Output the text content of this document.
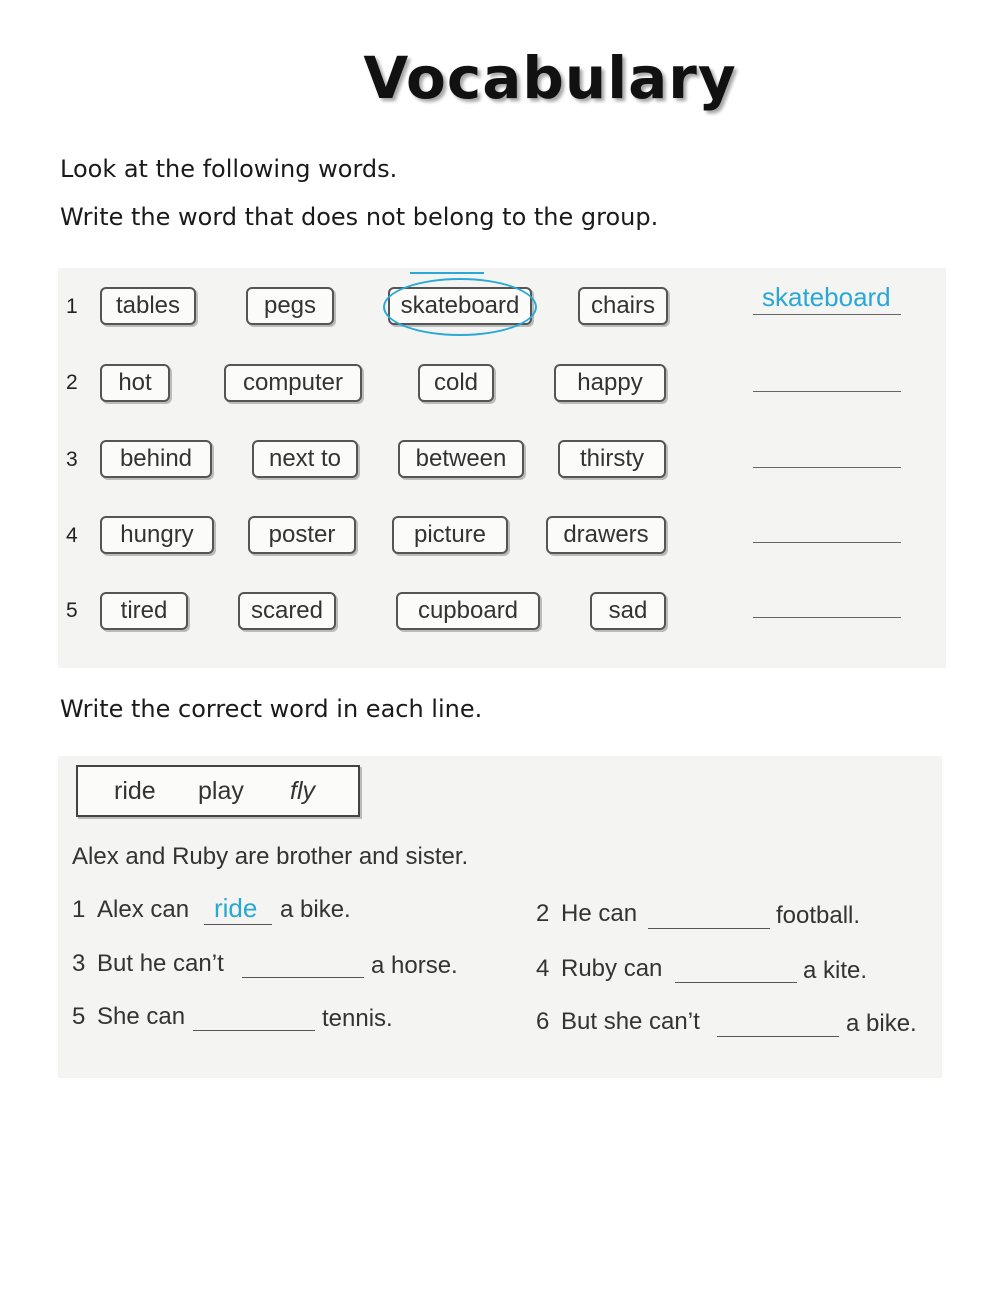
Vocabulary
Look at the following words.
Write the word that does not belong to the group.
1	tables	pegs	skateboard	chairs	skateboard
2	hot	computer	cold	happy
3	behind	next to	between	thirsty
4	hungry	poster	picture	drawers
5	tired	scared	cupboard	sad
Write the correct word in each line.
ride play fly
Alex and Ruby are brother and sister.
1 Alex can ride a bike.	2 He can	football.
3 But he can’t	a horse.	4 Ruby can	a kite.
5 She can	tennis.	6 But she can’t	a bike.
